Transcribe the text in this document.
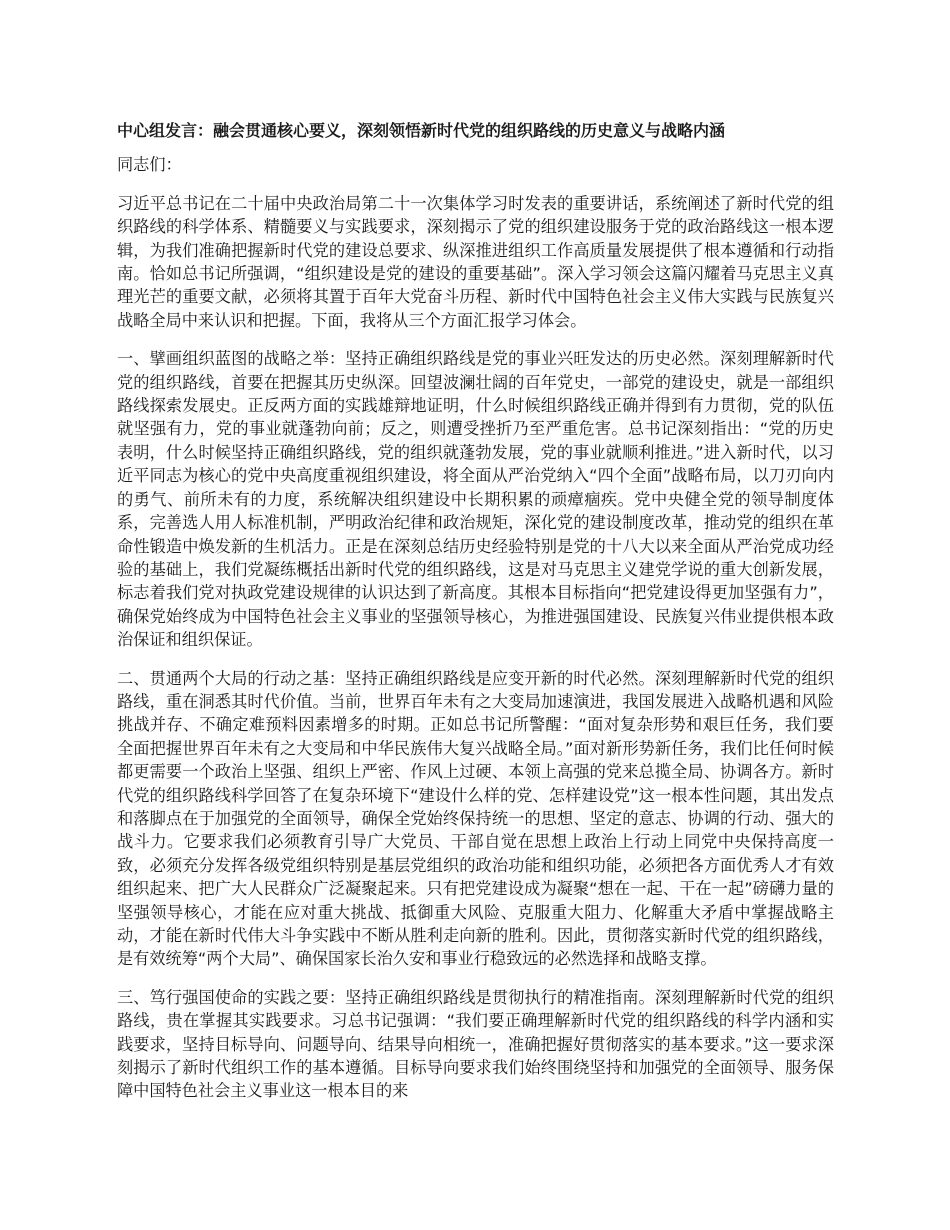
中心组发言：融会贯通核心要义，深刻领悟新时代党的组织路线的历史意义与战略内涵
同志们：
习近平总书记在二十届中央政治局第二十一次集体学习时发表的重要讲话，系统阐述了新时代党的组织路线的科学体系、精髓要义与实践要求，深刻揭示了党的组织建设服务于党的政治路线这一根本逻辑，为我们准确把握新时代党的建设总要求、纵深推进组织工作高质量发展提供了根本遵循和行动指南。恰如总书记所强调，“组织建设是党的建设的重要基础”。深入学习领会这篇闪耀着马克思主义真理光芒的重要文献，必须将其置于百年大党奋斗历程、新时代中国特色社会主义伟大实践与民族复兴战略全局中来认识和把握。下面，我将从三个方面汇报学习体会。
一、擘画组织蓝图的战略之举：坚持正确组织路线是党的事业兴旺发达的历史必然。深刻理解新时代党的组织路线，首要在把握其历史纵深。回望波澜壮阔的百年党史，一部党的建设史，就是一部组织路线探索发展史。正反两方面的实践雄辩地证明，什么时候组织路线正确并得到有力贯彻，党的队伍就坚强有力，党的事业就蓬勃向前；反之，则遭受挫折乃至严重危害。总书记深刻指出：“党的历史表明，什么时候坚持正确组织路线，党的组织就蓬勃发展，党的事业就顺利推进。”进入新时代，以习近平同志为核心的党中央高度重视组织建设，将全面从严治党纳入“四个全面”战略布局，以刀刃向内的勇气、前所未有的力度，系统解决组织建设中长期积累的顽瘴痼疾。党中央健全党的领导制度体系，完善选人用人标准机制，严明政治纪律和政治规矩，深化党的建设制度改革，推动党的组织在革命性锻造中焕发新的生机活力。正是在深刻总结历史经验特别是党的十八大以来全面从严治党成功经验的基础上，我们党凝练概括出新时代党的组织路线，这是对马克思主义建党学说的重大创新发展，标志着我们党对执政党建设规律的认识达到了新高度。其根本目标指向“把党建设得更加坚强有力”，确保党始终成为中国特色社会主义事业的坚强领导核心，为推进强国建设、民族复兴伟业提供根本政治保证和组织保证。
二、贯通两个大局的行动之基：坚持正确组织路线是应变开新的时代必然。深刻理解新时代党的组织路线，重在洞悉其时代价值。当前，世界百年未有之大变局加速演进，我国发展进入战略机遇和风险挑战并存、不确定难预料因素增多的时期。正如总书记所警醒：“面对复杂形势和艰巨任务，我们要全面把握世界百年未有之大变局和中华民族伟大复兴战略全局。”面对新形势新任务，我们比任何时候都更需要一个政治上坚强、组织上严密、作风上过硬、本领上高强的党来总揽全局、协调各方。新时代党的组织路线科学回答了在复杂环境下“建设什么样的党、怎样建设党”这一根本性问题，其出发点和落脚点在于加强党的全面领导，确保全党始终保持统一的思想、坚定的意志、协调的行动、强大的战斗力。它要求我们必须教育引导广大党员、干部自觉在思想上政治上行动上同党中央保持高度一致，必须充分发挥各级党组织特别是基层党组织的政治功能和组织功能，必须把各方面优秀人才有效组织起来、把广大人民群众广泛凝聚起来。只有把党建设成为凝聚“想在一起、干在一起”磅礴力量的坚强领导核心，才能在应对重大挑战、抵御重大风险、克服重大阻力、化解重大矛盾中掌握战略主动，才能在新时代伟大斗争实践中不断从胜利走向新的胜利。因此，贯彻落实新时代党的组织路线，是有效统筹“两个大局”、确保国家长治久安和事业行稳致远的必然选择和战略支撑。
三、笃行强国使命的实践之要：坚持正确组织路线是贯彻执行的精准指南。深刻理解新时代党的组织路线，贵在掌握其实践要求。习总书记强调：“我们要正确理解新时代党的组织路线的科学内涵和实践要求，坚持目标导向、问题导向、结果导向相统一，准确把握好贯彻落实的基本要求。”这一要求深刻揭示了新时代组织工作的基本遵循。目标导向要求我们始终围绕坚持和加强党的全面领导、服务保障中国特色社会主义事业这一根本目的来
